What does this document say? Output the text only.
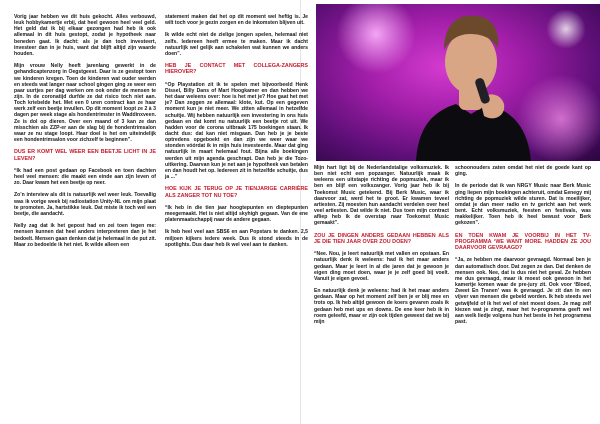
Vorig jaar hebben we dit huis gekocht. Alles verbouwd, leuk hobbykamertje erbij, dat heel gewoon heel veel geld. Het geld dat ik bij elkaar gezongen had heb ik ook allemaal in dit huis gestopt, zodat je hypotheek naar beneden gaat. Ik dacht: als je dan toch investeert, investeer dan in je huis, want dat blijft altijd zijn waarde houden.

Mijn vrouw Nelly heeft jarenlang gewerkt in de gehandicaptenzorg in Oegstgeest. Daar is ze gestopt toen we kinderen kregen. Toen de kinderen wat ouder werden en steeds wat langer naar school gingen ging ze weer een paar uurtjes per dag werken om ook onder de mensen te zijn. In de coronatijd durfde ze dat risico toch niet aan. Toch kriebelde het. Met een 0 uren contract kan ze haar werk zelf een beetje invullen. Op dit moment loopt ze 2 à 3 dagen per week stage als hondentrimster in Waddinxveen. Ze is dol op dieren. Over een maand of 3 kan ze dan misschien als ZZP-er aan de slag bij de hondentrimsalon waar ze nu stage loopt. Haar doel is het om uiteindelijk een hondentrimsalon voor zichzelf te beginnen”.

DUS ER KOMT WEL WEER EEN BEETJE LICHT IN JE LEVEN?

“Ik had een post gedaan op Facebook en toen dachten heel veel mensen: die maakt een einde aan zijn leven of zo. Daar kwam het een beetje op neer.

Zo’n interview als dit is natuurlijk wel weer leuk. Toevallig was ik vorige week bij radiostation Unity-NL om mijn plaat te promoten. Ja, hartstikke leuk. Dat miste ik toch wel een beetje, die aandacht.

Nelly zag dat ik het gepost had en zei toen tegen me: mensen kunnen dat heel anders interpreteren dan je het bedoelt. Mensen gaan denken dat je helemaal in de put zit. Maar zo bedoelde ik het niet. Ik wilde alleen een

statement maken dat het op dit moment wel heftig is. Je wilt toch voor je gezin zorgen en de inkomsten blijven uit.

Ik wilde echt niet de zielige jongen spelen, helemaal niet zelfs. Iedereen heeft ermee te maken. Maar ik dacht natuurlijk wel gelijk aan schakelen wat kunnen we anders doen”.

HEB JE CONTACT MET COLLEGA-ZANGERS HIEROVER?

“Op Playstation zit ik te spelen met bijvoorbeeld Henk Dissel, Billy Dans of Mart Hoogkamer en dan hebben we het daar weleens over: hoe is het met je? Hoe gaat het met je? Dan zeggen ze allemaal: klote, kut. Op een gegeven moment kun je niet meer. We zitten allemaal in hetzelfde schuitje. Wij hebben natuurlijk een investering in ons huis gedaan en dat komt nu natuurlijk een beetje rot uit. We hadden voor de corona uitbraak 175 boekingen staan. Ik dacht dus: dat kan niet misgaan. Dan heb je je beste optredens opgeboekt en dan zijn we weer waar we stonden vóórdat ik in mijn huis investeerde. Maar dat ging natuurlijk in maart helemaal fout. Bijna alle boekingen werden uit mijn agenda geschrapt. Dan heb je die Tozo-uitkering. Daarvan kun je net aan je hypotheek van betalen en dan houdt het op. Iedereen zit in hetzelfde schuitje, dus ja ...”

HOE KIJK JE TERUG OP JE TIENJARIGE CARRIÈRE ALS ZANGER TOT NU TOE?

“Ik heb in die tien jaar hoogtepunten en dieptepunten meegemaakt. Het is niet altijd skyhigh gegaan. Van de ene platenmaatschappij naar de andere gegaan.

Ik heb heel veel aan SBS6 en aan Popstars te danken. 2,5 miljoen kijkers iedere week. Dus ik stond steeds in de spotlights. Dus daar heb ik wel veel aan te danken.

Mijn hart ligt bij de Nederlandstalige volksmuziek. Ik ben niet echt een popzanger. Natuurlijk maak ik weleens een uitstapje richting de popmuziek, maar ik ben en blijf een volkszanger. Vorig jaar heb ik bij Toekomst Music getekend. Bij Berk Music, waar ik daarvoor zat, werd het te groot. Er kwamen teveel artiesten. Zij moesten hun aandacht verdelen over heel veel artiesten. Dat wilde ik niet. Dus toen mijn contract afliep heb ik de overstap naar Toekomst Music gemaakt”.

ZOU JE DINGEN ANDERS GEDAAN HEBBEN ALS JE DIE TIEN JAAR OVER ZOU DOEN?

“Nee. Nou, je leert natuurlijk met vallen en opstaan. En natuurlijk denk ik weleens: had ik het maar anders gedaan. Maar je leert in al die jaren dat je gewoon je eigen ding moet doen, waar je je zelf goed bij voelt. Vanuit je eigen gevoel.

En natuurlijk denk je weleens: had ik het maar anders gedaan. Maar op het moment zelf ben je er blij mee en trots op. Ik heb altijd gewoon de koers gevaren zoals ik gedaan heb met ups en downs. De ene keer heb ik in roem geleefd, maar er zijn ook tijden geweest dat we bij mijn

schoonouders zaten omdat het niet de goede kant op ging.

In de periode dat ik van NRGY Music naar Berk Music ging liepen mijn boekingen achteruit, omdat Eenegy mij richting de popmuziek wilde sturen. Dat is moeilijker, omdat je dan meer radio en tv gericht aan het werk bent. Echt volksmuziek, feesten en festivals, was makkelijker. Toen heb ik heel bewust voor Berk gekozen”.

EN TOEN KWAM JE VOORBIJ IN HET TV-PROGRAMMA ‘WE WANT MORE. HADDEN ZE JOU DAARVOOR GEVRAAGD?

“Ja, ze hebben me daarvoor gevraagd. Normaal ben je dan automatisch door. Dat zegen ze dan. Dat denken de mensen ook. Nee, dat is dus niet het geval. Ze hebben me dus gevraagd, maar ik moest ook gewoon in het kamertje komen waar de pre-jury zit. Ook voor ‘Bloed, Zweet En Tranen’ was ik gevraagd. Je zit dan in een vijver van mensen die gebeld worden. Ik heb steeds wel getwijfeld of ik het wel of niet moest doen. Je mag zelf kiezen wat je zingt, maar het tv-programma geeft wel aan welk liedje volgens hun het beste in het programma past.
